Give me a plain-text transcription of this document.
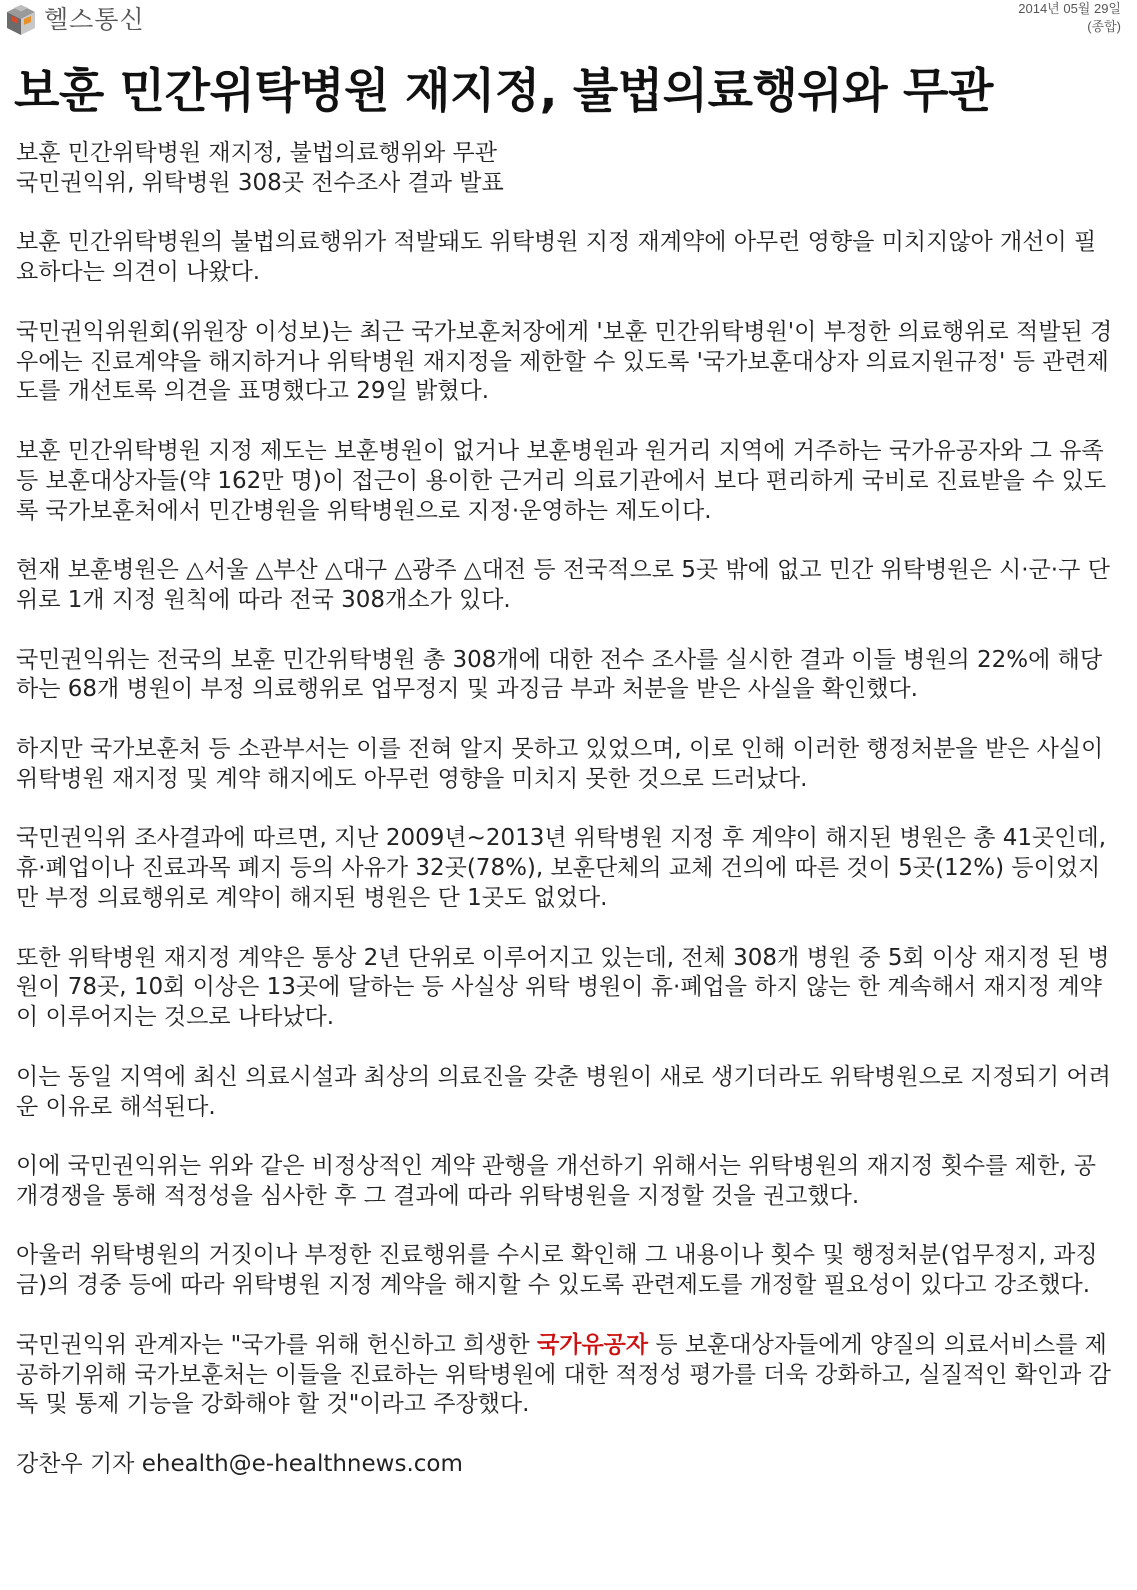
헬스통신	2014년 05월 29일
(종합)
보훈 민간위탁병원 재지정, 불법의료행위와 무관

보훈 민간위탁병원 재지정, 불법의료행위와 무관

국민권익위, 위탁병원 308곳 전수조사 결과 발표

보훈 민간위탁병원의 불법의료행위가 적발돼도 위탁병원 지정 재계약에 아무런 영향을 미치지않아 개선이 필요하다는 의견이 나왔다.

국민권익위원회(위원장 이성보)는 최근 국가보훈처장에게 '보훈 민간위탁병원'이 부정한 의료행위로 적발된 경우에는 진료계약을 해지하거나 위탁병원 재지정을 제한할 수 있도록 '국가보훈대상자 의료지원규정' 등 관련제도를 개선토록 의견을 표명했다고 29일 밝혔다.

보훈 민간위탁병원 지정 제도는 보훈병원이 없거나 보훈병원과 원거리 지역에 거주하는 국가유공자와 그 유족 등 보훈대상자들(약 162만 명)이 접근이 용이한 근거리 의료기관에서 보다 편리하게 국비로 진료받을 수 있도록 국가보훈처에서 민간병원을 위탁병원으로 지정·운영하는 제도이다.

현재 보훈병원은 △서울 △부산 △대구 △광주 △대전 등 전국적으로 5곳 밖에 없고 민간 위탁병원은 시·군·구 단위로 1개 지정 원칙에 따라 전국 308개소가 있다.

국민권익위는 전국의 보훈 민간위탁병원 총 308개에 대한 전수 조사를 실시한 결과 이들 병원의 22%에 해당하는 68개 병원이 부정 의료행위로 업무정지 및 과징금 부과 처분을 받은 사실을 확인했다.

하지만 국가보훈처 등 소관부서는 이를 전혀 알지 못하고 있었으며, 이로 인해 이러한 행정처분을 받은 사실이 위탁병원 재지정 및 계약 해지에도 아무런 영향을 미치지 못한 것으로 드러났다.

국민권익위 조사결과에 따르면, 지난 2009년~2013년 위탁병원 지정 후 계약이 해지된 병원은 총 41곳인데, 휴·폐업이나 진료과목 폐지 등의 사유가 32곳(78%), 보훈단체의 교체 건의에 따른 것이 5곳(12%) 등이었지만 부정 의료행위로 계약이 해지된 병원은 단 1곳도 없었다.

또한 위탁병원 재지정 계약은 통상 2년 단위로 이루어지고 있는데, 전체 308개 병원 중 5회 이상 재지정 된 병원이 78곳, 10회 이상은 13곳에 달하는 등 사실상 위탁 병원이 휴·폐업을 하지 않는 한 계속해서 재지정 계약이 이루어지는 것으로 나타났다.

이는 동일 지역에 최신 의료시설과 최상의 의료진을 갖춘 병원이 새로 생기더라도 위탁병원으로 지정되기 어려운 이유로 해석된다.

이에 국민권익위는 위와 같은 비정상적인 계약 관행을 개선하기 위해서는 위탁병원의 재지정 횟수를 제한, 공개경쟁을 통해 적정성을 심사한 후 그 결과에 따라 위탁병원을 지정할 것을 권고했다.

아울러 위탁병원의 거짓이나 부정한 진료행위를 수시로 확인해 그 내용이나 횟수 및 행정처분(업무정지, 과징금)의 경중 등에 따라 위탁병원 지정 계약을 해지할 수 있도록 관련제도를 개정할 필요성이 있다고 강조했다.

국민권익위 관계자는 "국가를 위해 헌신하고 희생한 국가유공자 등 보훈대상자들에게 양질의 의료서비스를 제공하기위해 국가보훈처는 이들을 진료하는 위탁병원에 대한 적정성 평가를 더욱 강화하고, 실질적인 확인과 감독 및 통제 기능을 강화해야 할 것"이라고 주장했다.

강찬우 기자 ehealth@e-healthnews.com
